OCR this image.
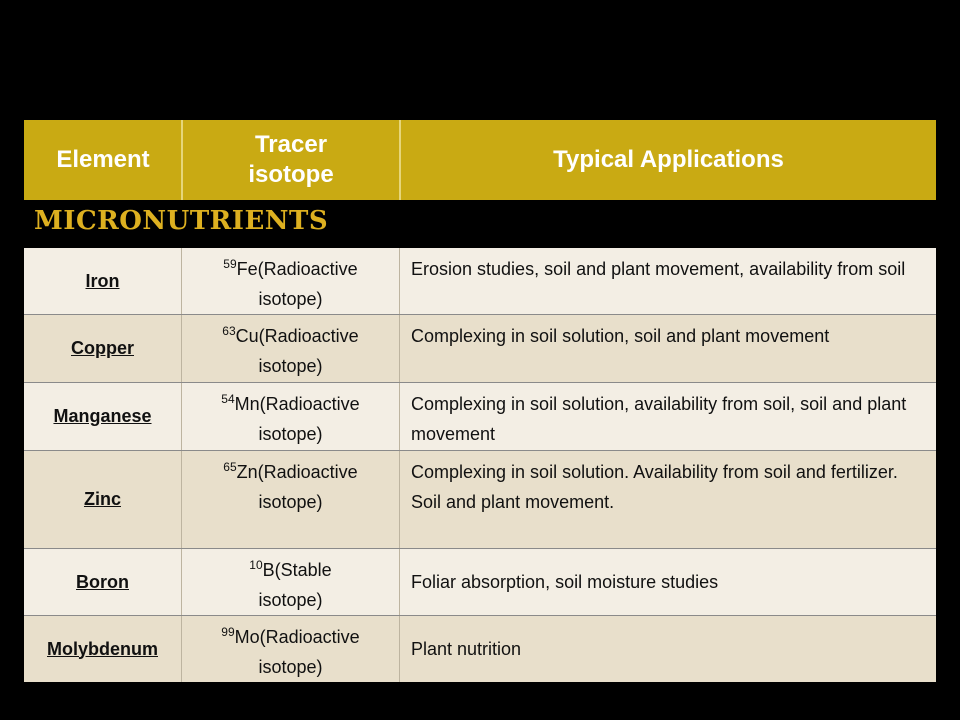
Element
Tracer isotope
Typical Applications
MICRONUTRIENTS
Iron
$^{59}$Fe(Radioactive
isotope)
Erosion studies, soil and plant movement, availability from soil
Copper
$^{63}$Cu(Radioactive
isotope)
Complexing in soil solution, soil and plant movement
Manganese
$^{54}$Mn(Radioactive
isotope)
Complexing in soil solution, availability from soil, soil and plant movement
Zinc
$^{65}$Zn(Radioactive
isotope)
Complexing in soil solution. Availability from soil and fertilizer. Soil and plant movement.
Boron
$^{10}$B(Stable
isotope)
Foliar absorption, soil moisture studies
Molybdenum
$^{99}$Mo(Radioactive
isotope)
Plant nutrition
